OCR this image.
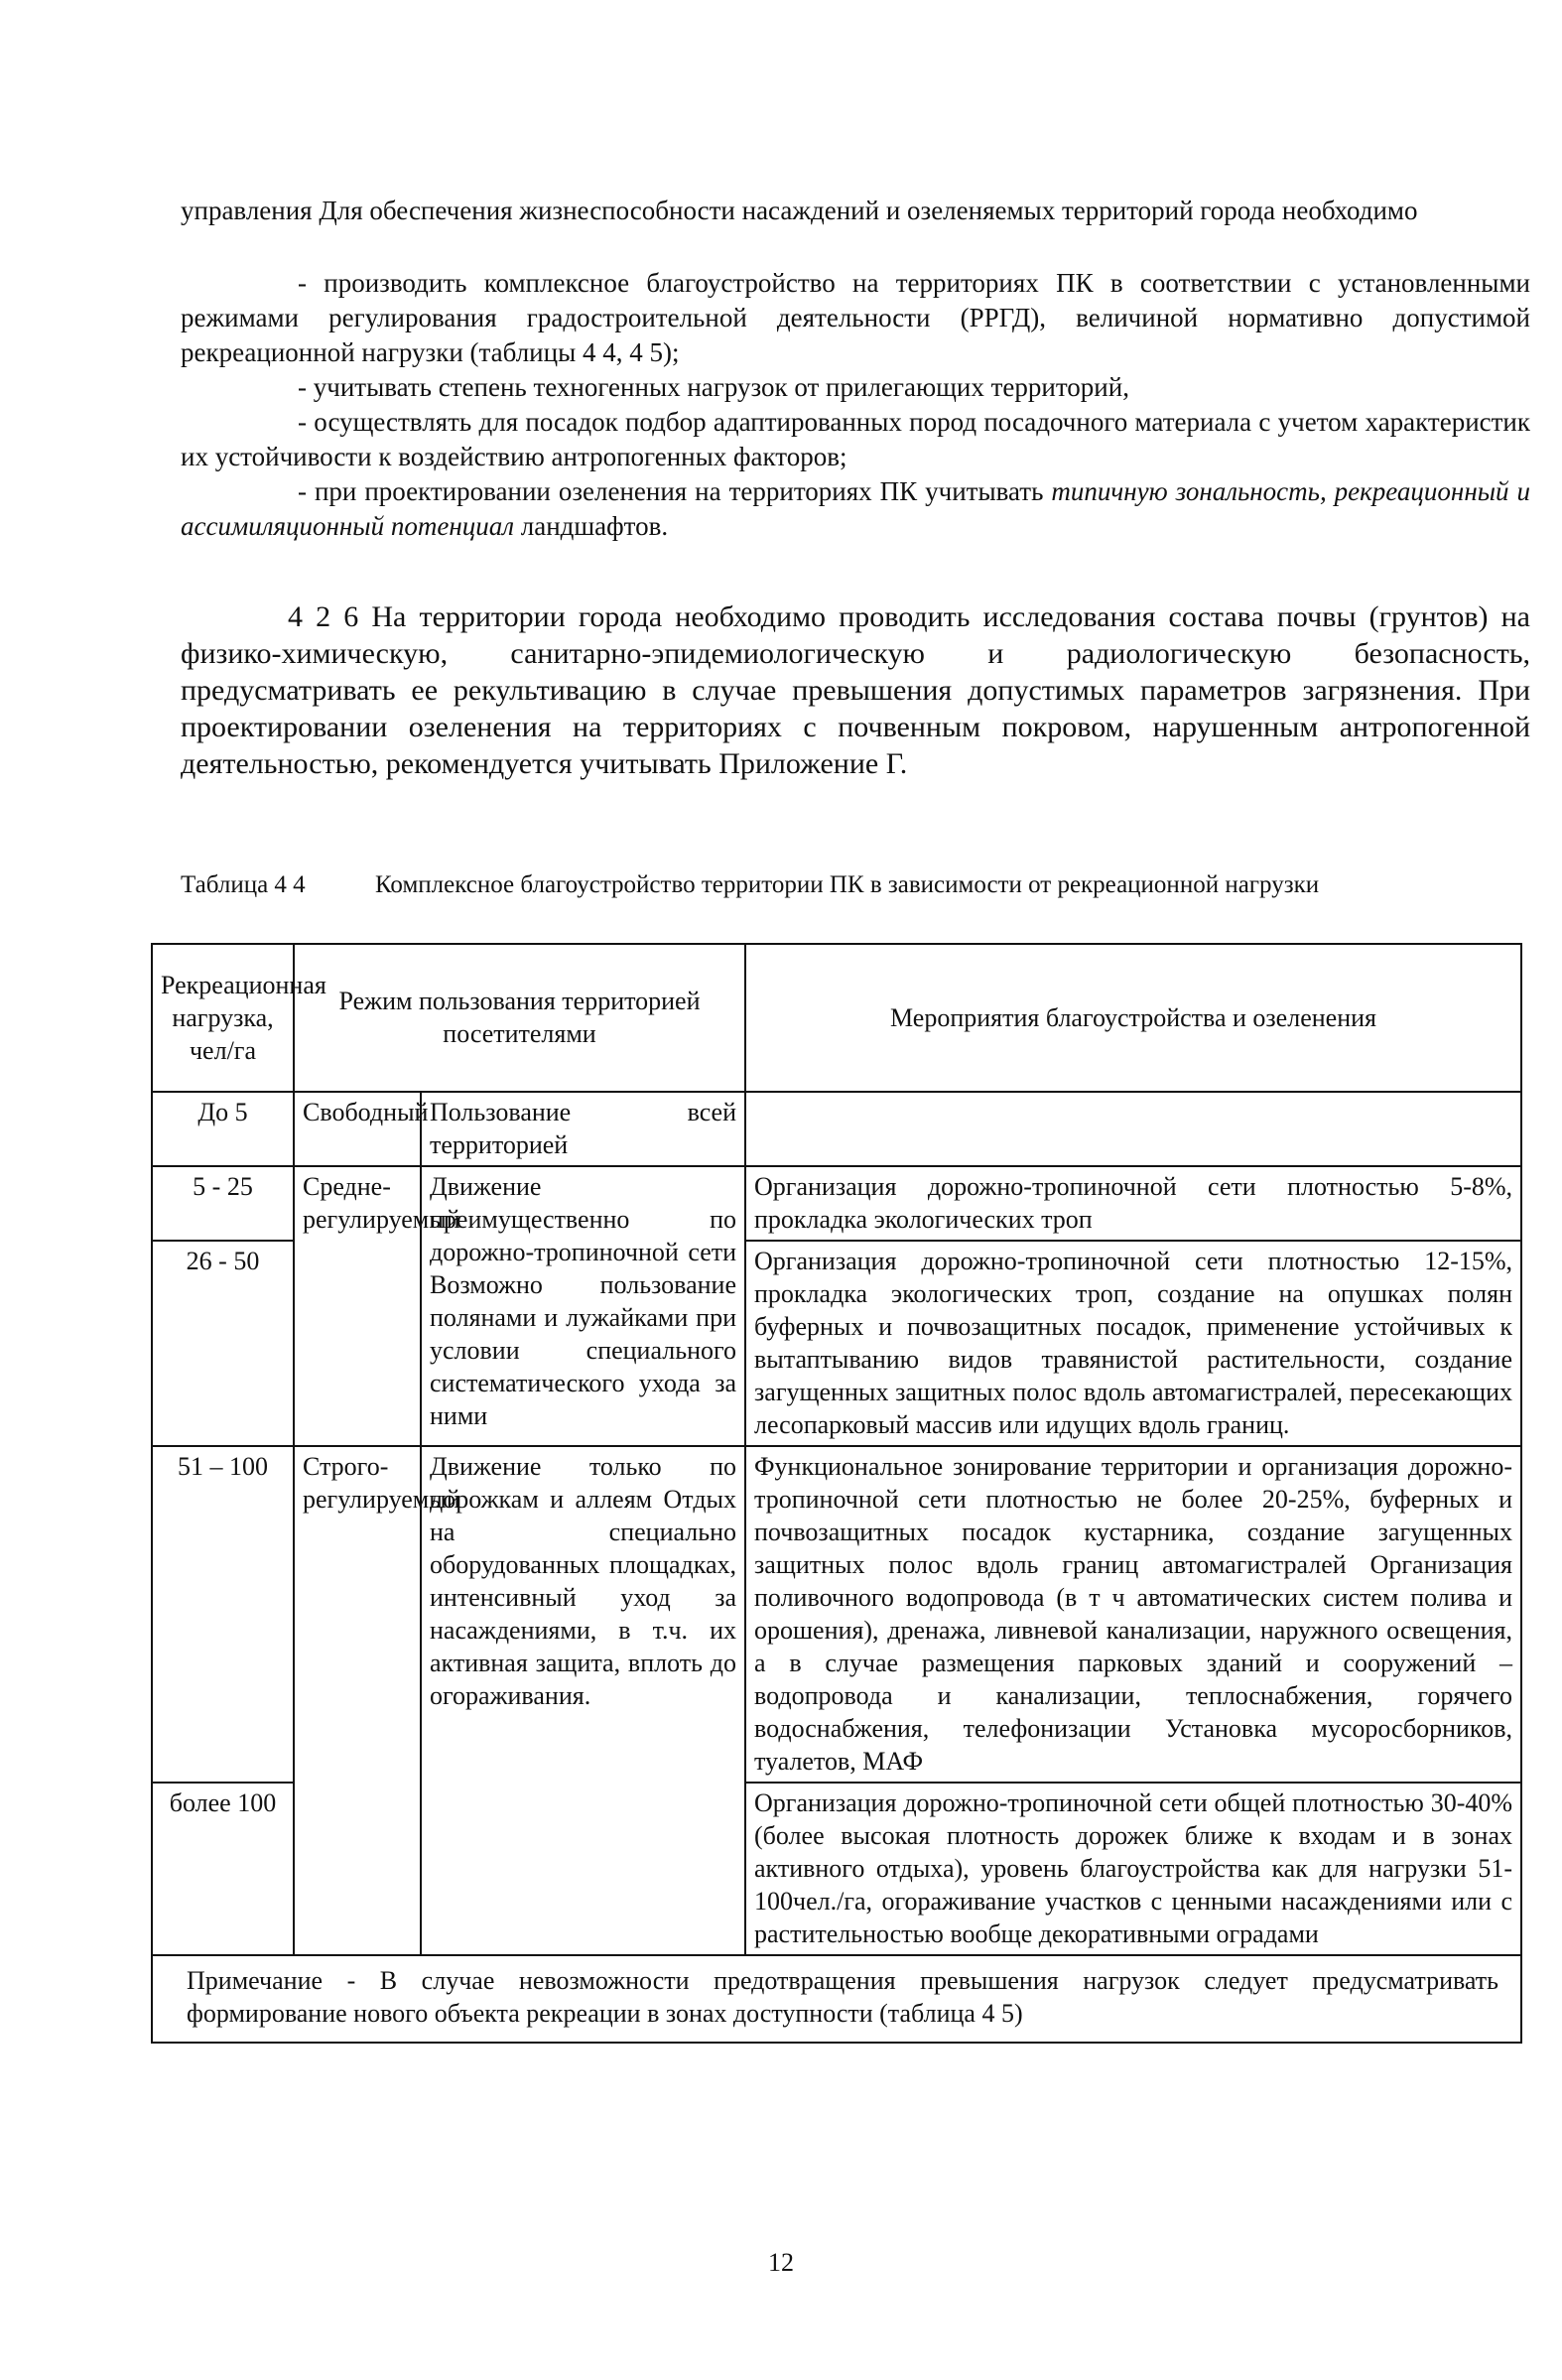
управления Для обеспечения жизнеспособности насаждений и озеленяемых территорий города необходимо

- производить комплексное благоустройство на территориях ПК в соответствии с установленными режимами регулирования градостроительной деятельности (РРГД), величиной нормативно допустимой рекреационной нагрузки (таблицы 4 4, 4 5);

- учитывать степень техногенных нагрузок от прилегающих территорий,

- осуществлять для посадок подбор адаптированных пород посадочного материала с учетом характеристик их устойчивости к воздействию антропогенных факторов;

- при проектировании озеленения на территориях ПК учитывать типичную зональность, рекреационный и ассимиляционный потенциал ландшафтов.

4 2 6 На территории города необходимо проводить исследования состава почвы (грунтов) на физико-химическую, санитарно-эпидемиологическую и радиологическую безопасность, предусматривать ее рекультивацию в случае превышения допустимых параметров загрязнения. При проектировании озеленения на территориях с почвенным покровом, нарушенным антропогенной деятельностью, рекомендуется учитывать Приложение Г.

Таблица 4 4	Комплексное благоустройство территории ПК в зависимости от рекреационной нагрузки
Рекреационная нагрузка, чел/га	Режим пользования территорией посетителями		Мероприятия благоустройства и озеленения
До 5	Свободный	Пользование всей территорией	
5 - 25	Средне-регулируемый	Движение преимущественно по дорожно-тропиночной сети Возможно пользование полянами и лужайками при условии специального систематического ухода за ними	Организация дорожно-тропиночной сети плотностью 5-8%, прокладка экологических троп
26 - 50			Организация дорожно-тропиночной сети плотностью 12-15%, прокладка экологических троп, создание на опушках полян буферных и почвозащитных посадок, применение устойчивых к вытаптыванию видов травянистой растительности, создание загущенных защитных полос вдоль автомагистралей, пересекающих лесопарковый массив или идущих вдоль границ.
51 – 100	Строго-регулируемый	Движение только по дорожкам и аллеям Отдых на специально оборудованных площадках, интенсивный уход за насаждениями, в т.ч. их активная защита, вплоть до огораживания.	Функциональное зонирование территории и организация дорожно-тропиночной сети плотностью не более 20-25%, буферных и почвозащитных посадок кустарника, создание загущенных защитных полос вдоль границ автомагистралей Организация поливочного водопровода (в т ч автоматических систем полива и орошения), дренажа, ливневой канализации, наружного освещения, а в случае размещения парковых зданий и сооружений – водопровода и канализации, теплоснабжения, горячего водоснабжения, телефонизации Установка мусоросборников, туалетов, МАФ
более 100			Организация дорожно-тропиночной сети общей плотностью 30-40% (более высокая плотность дорожек ближе к входам и в зонах активного отдыха), уровень благоустройства как для нагрузки 51-100чел./га, огораживание участков с ценными насаждениями или с растительностью вообще декоративными оградами
Примечание - В случае невозможности предотвращения превышения нагрузок следует предусматривать формирование нового объекта рекреации в зонах доступности (таблица 4 5)			
12
